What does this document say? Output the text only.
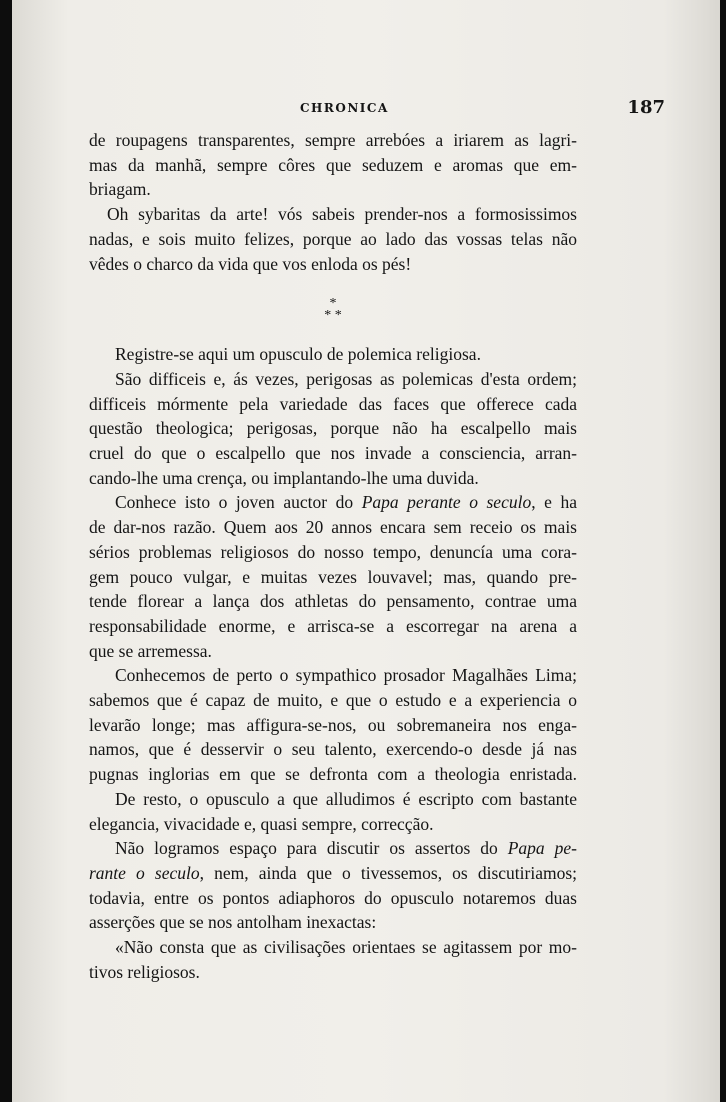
CHRONICA	187

de roupagens transparentes, sempre arrebóes a iriarem as lagri-
mas da manhã, sempre côres que seduzem e aromas que em-
briagam.

Oh sybaritas da arte! vós sabeis prender-nos a formosissimos
nadas, e sois muito felizes, porque ao lado das vossas telas não
vêdes o charco da vida que vos enloda os pés!

*
* *

Registre-se aqui um opusculo de polemica religiosa.

São difficeis e, ás vezes, perigosas as polemicas d'esta ordem;
difficeis mórmente pela variedade das faces que offerece cada
questão theologica; perigosas, porque não ha escalpello mais
cruel do que o escalpello que nos invade a consciencia, arran-
cando-lhe uma crença, ou implantando-lhe uma duvida.

Conhece isto o joven auctor do Papa perante o seculo, e ha
de dar-nos razão. Quem aos 20 annos encara sem receio os mais
sérios problemas religiosos do nosso tempo, denuncía uma cora-
gem pouco vulgar, e muitas vezes louvavel; mas, quando pre-
tende florear a lança dos athletas do pensamento, contrae uma
responsabilidade enorme, e arrisca-se a escorregar na arena a
que se arremessa.

Conhecemos de perto o sympathico prosador Magalhães Lima;
sabemos que é capaz de muito, e que o estudo e a experiencia o
levarão longe; mas affigura-se-nos, ou sobremaneira nos enga-
namos, que é desservir o seu talento, exercendo-o desde já nas
pugnas inglorias em que se defronta com a theologia enristada.

De resto, o opusculo a que alludimos é escripto com bastante
elegancia, vivacidade e, quasi sempre, correcção.

Não logramos espaço para discutir os assertos do Papa pe-
rante o seculo, nem, ainda que o tivessemos, os discutiriamos;
todavia, entre os pontos adiaphoros do opusculo notaremos duas
asserções que se nos antolham inexactas:

«Não consta que as civilisações orientaes se agitassem por mo-
tivos religiosos.
